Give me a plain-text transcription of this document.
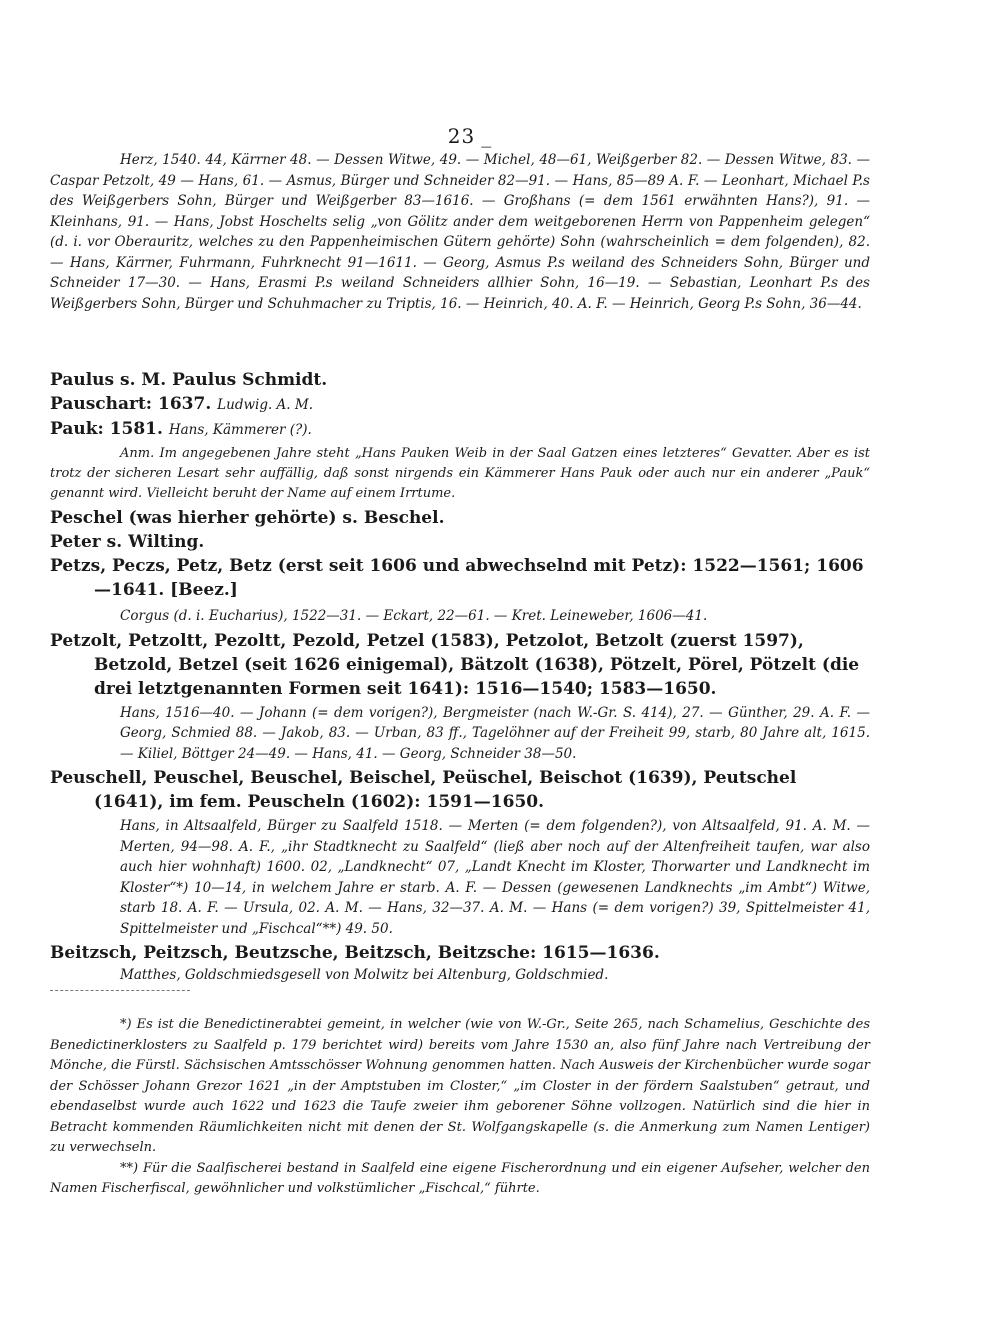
23 _
Herz, 1540. 44, Kärrner 48. — Dessen Witwe, 49. — Michel, 48—61, Weißgerber 82. — Dessen Witwe, 83. — Caspar Petzolt, 49 — Hans, 61. — Asmus, Bürger und Schneider 82—91. — Hans, 85—89 A. F. — Leonhart, Michael P.s des Weißgerbers Sohn, Bürger und Weißgerber 83—1616. — Großhans (= dem 1561 erwähnten Hans?), 91. — Kleinhans, 91. — Hans, Jobst Hoschelts selig „von Gölitz ander dem weitgeborenen Herrn von Pappenheim gelegen“ (d. i. vor Oberauritz, welches zu den Pappenheimischen Gütern gehörte) Sohn (wahrscheinlich = dem folgenden), 82. — Hans, Kärrner, Fuhrmann, Fuhrknecht 91—1611. — Georg, Asmus P.s weiland des Schneiders Sohn, Bürger und Schneider 17—30. — Hans, Erasmi P.s weiland Schneiders allhier Sohn, 16—19. — Sebastian, Leonhart P.s des Weißgerbers Sohn, Bürger und Schuhmacher zu Triptis, 16. — Heinrich, 40. A. F. — Heinrich, Georg P.s Sohn, 36—44.
Paulus s. M. Paulus Schmidt.
Pauschart: 1637. Ludwig. A. M.
Pauk: 1581. Hans, Kämmerer (?).
Anm. Im angegebenen Jahre steht „Hans Pauken Weib in der Saal Gatzen eines letzteres“ Gevatter. Aber es ist trotz der sicheren Lesart sehr auffällig, daß sonst nirgends ein Kämmerer Hans Pauk oder auch nur ein anderer „Pauk“ genannt wird. Vielleicht beruht der Name auf einem Irrtume.
Peschel (was hierher gehörte) s. Beschel.
Peter s. Wilting.
Petzs, Peczs, Petz, Betz (erst seit 1606 und abwechselnd mit Petz): 1522—1561; 1606—1641. [Beez.]
Corgus (d. i. Eucharius), 1522—31. — Eckart, 22—61. — Kret. Leineweber, 1606—41.
Petzolt, Petzoltt, Pezoltt, Pezold, Petzel (1583), Petzolot, Betzolt (zuerst 1597), Betzold, Betzel (seit 1626 einigemal), Bätzolt (1638), Pötzelt, Pörel, Pötzelt (die drei letztgenannten Formen seit 1641): 1516—1540; 1583—1650.
Hans, 1516—40. — Johann (= dem vorigen?), Bergmeister (nach W.-Gr. S. 414), 27. — Günther, 29. A. F. — Georg, Schmied 88. — Jakob, 83. — Urban, 83 ff., Tagelöhner auf der Freiheit 99, starb, 80 Jahre alt, 1615. — Kiliel, Böttger 24—49. — Hans, 41. — Georg, Schneider 38—50.
Peuschell, Peuschel, Beuschel, Beischel, Peüschel, Beischot (1639), Peutschel (1641), im fem. Peuscheln (1602): 1591—1650.
Hans, in Altsaalfeld, Bürger zu Saalfeld 1518. — Merten (= dem folgenden?), von Altsaalfeld, 91. A. M. — Merten, 94—98. A. F., „ihr Stadtknecht zu Saalfeld“ (ließ aber noch auf der Altenfreiheit taufen, war also auch hier wohnhaft) 1600. 02, „Landknecht“ 07, „Landt Knecht im Kloster, Thorwarter und Landknecht im Kloster“*) 10—14, in welchem Jahre er starb. A. F. — Dessen (gewesenen Landknechts „im Ambt“) Witwe, starb 18. A. F. — Ursula, 02. A. M. — Hans, 32—37. A. M. — Hans (= dem vorigen?) 39, Spittelmeister 41, Spittelmeister und „Fischcal“**) 49. 50.
Beitzsch, Peitzsch, Beutzsche, Beitzsch, Beitzsche: 1615—1636.
Matthes, Goldschmiedsgesell von Molwitz bei Altenburg, Goldschmied.
*) Es ist die Benedictinerabtei gemeint, in welcher (wie von W.-Gr., Seite 265, nach Schamelius, Geschichte des Benedictinerklosters zu Saalfeld p. 179 berichtet wird) bereits vom Jahre 1530 an, also fünf Jahre nach Vertreibung der Mönche, die Fürstl. Sächsischen Amtsschösser Wohnung genommen hatten. Nach Ausweis der Kirchenbücher wurde sogar der Schösser Johann Grezor 1621 „in der Amptstuben im Closter,“ „im Closter in der fördern Saalstuben“ getraut, und ebendaselbst wurde auch 1622 und 1623 die Taufe zweier ihm geborener Söhne vollzogen. Natürlich sind die hier in Betracht kommenden Räumlichkeiten nicht mit denen der St. Wolfgangskapelle (s. die Anmerkung zum Namen Lentiger) zu verwechseln.
**) Für die Saalfischerei bestand in Saalfeld eine eigene Fischerordnung und ein eigener Aufseher, welcher den Namen Fischerfiscal, gewöhnlicher und volkstümlicher „Fischcal,“ führte.
